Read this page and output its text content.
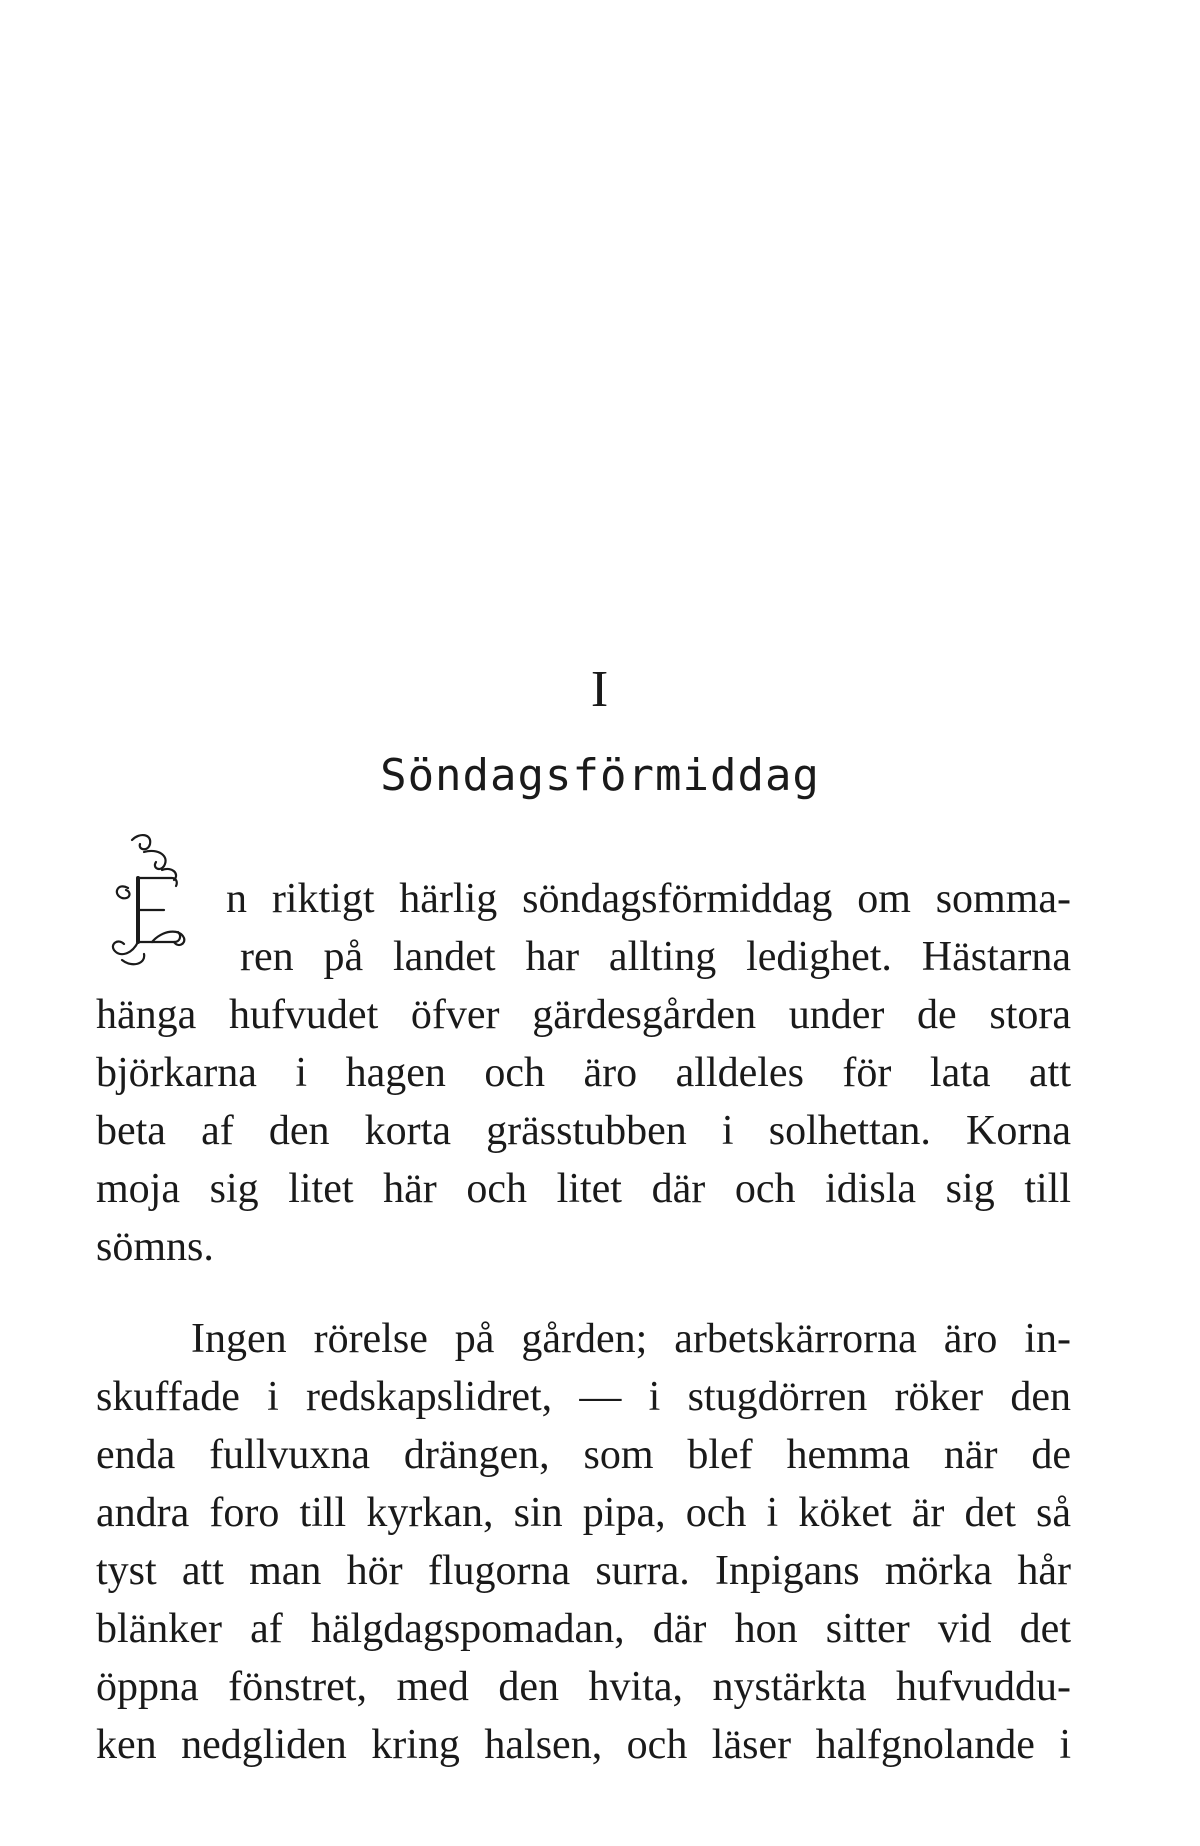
I
Söndagsförmiddag
n riktigt härlig söndagsförmiddag om somma-
ren på landet har allting ledighet. Hästarna
hänga hufvudet öfver gärdesgården under de stora
björkarna i hagen och äro alldeles för lata att
beta af den korta grässtubben i solhettan. Korna
moja sig litet här och litet där och idisla sig till
sömns.
Ingen rörelse på gården; arbetskärrorna äro in-
skuffade i redskapslidret, — i stugdörren röker den
enda fullvuxna drängen, som blef hemma när de
andra foro till kyrkan, sin pipa, och i köket är det så
tyst att man hör flugorna surra. Inpigans mörka hår
blänker af hälgdagspomadan, där hon sitter vid det
öppna fönstret, med den hvita, nystärkta hufvuddu-
ken nedgliden kring halsen, och läser halfgnolande i
